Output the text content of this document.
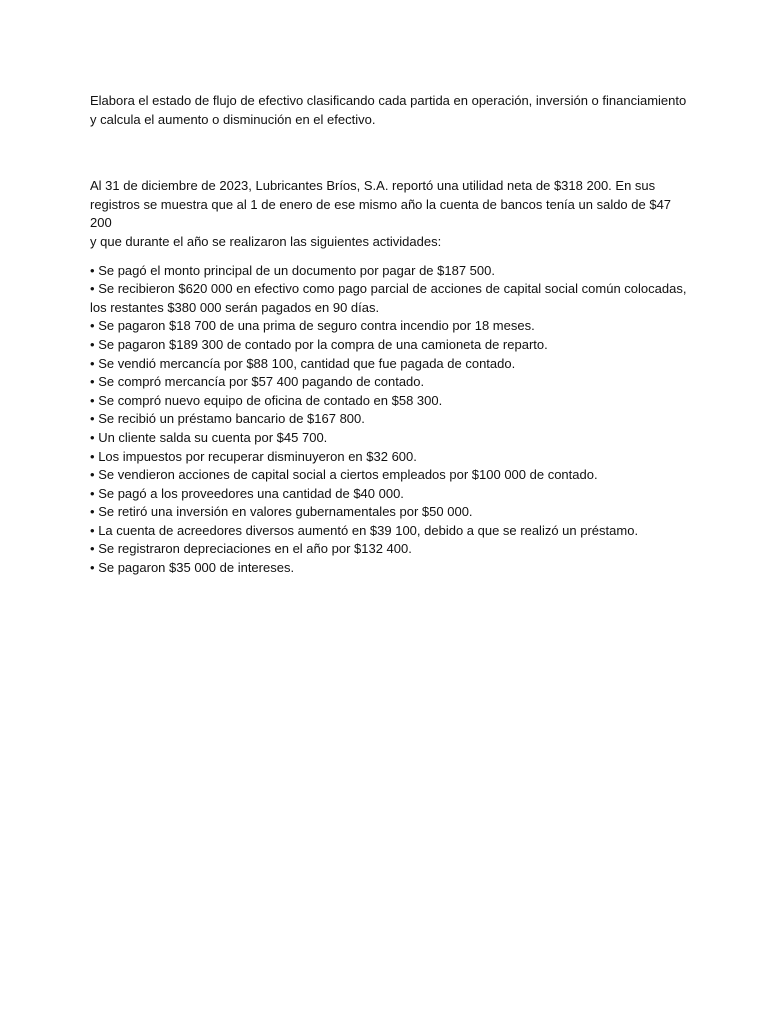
Elabora el estado de flujo de efectivo clasificando cada partida en operación, inversión o financiamiento
y calcula el aumento o disminución en el efectivo.

Al 31 de diciembre de 2023, Lubricantes Bríos, S.A. reportó una utilidad neta de $318 200. En sus
registros se muestra que al 1 de enero de ese mismo año la cuenta de bancos tenía un saldo de $47 200
y que durante el año se realizaron las siguientes actividades:

• Se pagó el monto principal de un documento por pagar de $187 500.
• Se recibieron $620 000 en efectivo como pago parcial de acciones de capital social común colocadas,
los restantes $380 000 serán pagados en 90 días.
• Se pagaron $18 700 de una prima de seguro contra incendio por 18 meses.
• Se pagaron $189 300 de contado por la compra de una camioneta de reparto.
• Se vendió mercancía por $88 100, cantidad que fue pagada de contado.
• Se compró mercancía por $57 400 pagando de contado.
• Se compró nuevo equipo de oficina de contado en $58 300.
• Se recibió un préstamo bancario de $167 800.
• Un cliente salda su cuenta por $45 700.
• Los impuestos por recuperar disminuyeron en $32 600.
• Se vendieron acciones de capital social a ciertos empleados por $100 000 de contado.
• Se pagó a los proveedores una cantidad de $40 000.
• Se retiró una inversión en valores gubernamentales por $50 000.
• La cuenta de acreedores diversos aumentó en $39 100, debido a que se realizó un préstamo.
• Se registraron depreciaciones en el año por $132 400.
• Se pagaron $35 000 de intereses.
